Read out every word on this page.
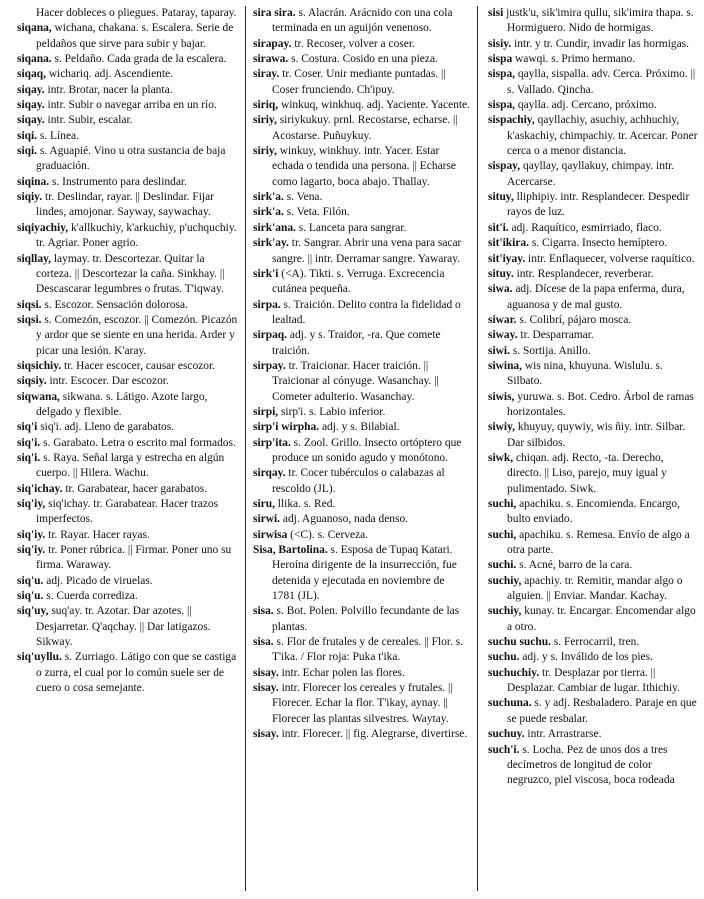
Hacer dobleces o pliegues. Pataray, taparay.

siqana, wichana, chakana. s. Escalera. Serie de peldaños que sirve para subir y bajar.

siqana. s. Peldaño. Cada grada de la escalera.

siqaq, wichariq. adj. Ascendiente.

siqay. intr. Brotar, nacer la planta.

siqay. intr. Subir o navegar arriba en un río.

siqay. intr. Subir, escalar.

siqi. s. Línea.

siqi. s. Aguapié. Vino u otra sustancia de baja graduación.

siqina. s. Instrumento para deslindar.

siqiy. tr. Deslindar, rayar. || Deslindar. Fijar lindes, amojonar. Sayway, saywachay.

siqiyachiy, k'allkuchiy, k'arkuchiy, p'uchquchiy. tr. Agriar. Poner agrio.

siqllay, laymay. tr. Descortezar. Quitar la corteza. || Descortezar la caña. Sinkhay. || Descascarar legumbres o frutas. T'iqway.

siqsi. s. Escozor. Sensación dolorosa.

siqsi. s. Comezón, escozor. || Comezón. Picazón y ardor que se siente en una herida. Arder y picar una lesión. K'aray.

siqsichiy. tr. Hacer escocer, causar escozor.

siqsiy. intr. Escocer. Dar escozor.

siqwana, sikwana. s. Látigo. Azote largo, delgado y flexible.

siq'i siq'i. adj. Lleno de garabatos.

siq'i. s. Garabato. Letra o escrito mal formados.

siq'i. s. Raya. Señal larga y estrecha en algún cuerpo. || Hilera. Wachu.

siq'ichay. tr. Garabatear, hacer garabatos.

siq'iy, siq'ichay. tr. Garabatear. Hacer trazos imperfectos.

siq'iy. tr. Rayar. Hacer rayas.

siq'iy. tr. Poner rúbrica. || Firmar. Poner uno su firma. Waraway.

siq'u. adj. Picado de viruelas.

siq'u. s. Cuerda corrediza.

siq'uy, suq'ay. tr. Azotar. Dar azotes. || Desjarretar. Q'aqchay. || Dar latigazos. Sikway.

siq'uyllu. s. Zurriago. Látigo con que se castiga o zurra, el cual por lo común suele ser de cuero o cosa semejante.

sira sira. s. Alacrán. Arácnido con una cola terminada en un aguijón venenoso.

sirapay. tr. Recoser, volver a coser.

sirawa. s. Costura. Cosido en una pieza.

siray. tr. Coser. Unir mediante puntadas. || Coser frunciendo. Ch'ipuy.

siriq, winkuq, winkhuq. adj. Yaciente. Yacente.

siriy, siriykukuy. prnl. Recostarse, echarse. || Acostarse. Puñuykuy.

siriy, winkuy, winkhuy. intr. Yacer. Estar echada o tendida una persona. || Echarse como lagarto, boca abajo. Thallay.

sirk'a. s. Vena.

sirk'a. s. Veta. Filón.

sirk'ana. s. Lanceta para sangrar.

sirk'ay. tr. Sangrar. Abrir una vena para sacar sangre. || intr. Derramar sangre. Yawaray.

sirk'i (<A). Tikti. s. Verruga. Excrecencia cutánea pequeña.

sirpa. s. Traición. Delito contra la fidelidad o lealtad.

sirpaq. adj. y s. Traidor, -ra. Que comete traición.

sirpay. tr. Traicionar. Hacer traición. || Traicionar al cónyuge. Wasanchay. || Cometer adulterio. Wasanchay.

sirpi, sirp'i. s. Labio inferior.

sirp'i wirpha. adj. y s. Bilabial.

sirp'ita. s. Zool. Grillo. Insecto ortóptero que produce un sonido agudo y monótono.

sirqay. tr. Cocer tubérculos o calabazas al rescoldo (JL).

siru, llika. s. Red.

sirwi. adj. Aguanoso, nada denso.

sirwisa (<C). s. Cerveza.

Sisa, Bartolina. s. Esposa de Tupaq Katari. Heroína dirigente de la insurrección, fue detenida y ejecutada en noviembre de 1781 (JL).

sisa. s. Bot. Polen. Polvillo fecundante de las plantas.

sisa. s. Flor de frutales y de cereales. || Flor. s. T'ika. / Flor roja: Puka t'ika.

sisay. intr. Echar polen las flores.

sisay. intr. Florecer los cereales y frutales. || Florecer. Echar la flor. T'ikay, aynay. || Florecer las plantas silvestres. Waytay.

sisay. intr. Florecer. || fig. Alegrarse, divertirse.

sisi justk'u, sik'imira qullu, sik'imira thapa. s. Hormiguero. Nido de hormigas.

sisiy. intr. y tr. Cundir, invadir las hormigas.

sispa wawqi. s. Primo hermano.

sispa, qaylla, sispalla. adv. Cerca. Próximo. || s. Vallado. Qincha.

sispa, qaylla. adj. Cercano, próximo.

sispachiy, qayllachiy, asuchiy, achhuchiy, k'askachiy, chimpachiy. tr. Acercar. Poner cerca o a menor distancia.

sispay, qayllay, qayllakuy, chimpay. intr. Acercarse.

situy, lliphipiy. intr. Resplandecer. Despedir rayos de luz.

sit'i. adj. Raquítico, esmirriado, flaco.

sit'ikira. s. Cigarra. Insecto hemíptero.

sit'iyay. intr. Enflaquecer, volverse raquítico.

situy. intr. Resplandecer, reverberar.

siwa. adj. Dícese de la papa enferma, dura, aguanosa y de mal gusto.

siwar. s. Colibrí, pájaro mosca.

siway. tr. Desparramar.

siwi. s. Sortija. Anillo.

siwina, wis nina, khuyuna. Wislulu. s. Silbato.

siwis, yuruwa. s. Bot. Cedro. Árbol de ramas horizontales.

siwiy, khuyuy, quywiy, wis ñiy. intr. Silbar. Dar silbidos.

siwk, chiqan. adj. Recto, -ta. Derecho, directo. || Liso, parejo, muy igual y pulimentado. Siwk.

suchi, apachiku. s. Encomienda. Encargo, bulto enviado.

suchi, apachiku. s. Remesa. Envío de algo a otra parte.

suchi. s. Acné, barro de la cara.

suchiy, apachiy. tr. Remitir, mandar algo o alguien. || Enviar. Mandar. Kachay.

suchiy, kunay. tr. Encargar. Encomendar algo a otro.

suchu suchu. s. Ferrocarril, tren.

suchu. adj. y s. Inválido de los pies.

suchuchiy. tr. Desplazar por tierra. || Desplazar. Cambiar de lugar. Ithichiy.

suchuna. s. y adj. Resbaladero. Paraje en que se puede resbalar.

suchuy. intr. Arrastrarse.

such'i. s. Locha. Pez de unos dos a tres decímetros de longitud de color negruzco, piel viscosa, boca rodeada
